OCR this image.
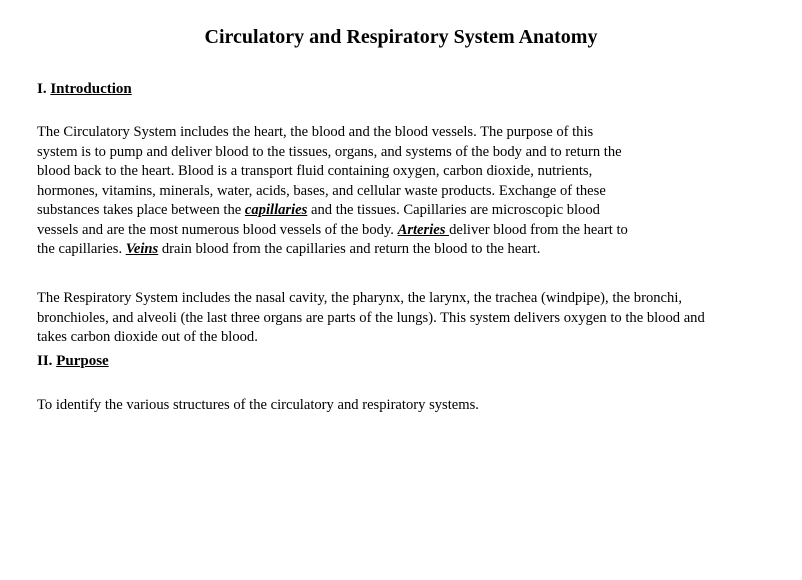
Circulatory and Respiratory System Anatomy
I. Introduction

The Circulatory System includes the heart, the blood and the blood vessels. The purpose of this
system is to pump and deliver blood to the tissues, organs, and systems of the body and to return the
blood back to the heart. Blood is a transport fluid containing oxygen, carbon dioxide, nutrients,
hormones, vitamins, minerals, water, acids, bases, and cellular waste products. Exchange of these
substances takes place between the capillaries and the tissues. Capillaries are microscopic blood
vessels and are the most numerous blood vessels of the body. Arteries deliver blood from the heart to
the capillaries. Veins drain blood from the capillaries and return the blood to the heart.

The Respiratory System includes the nasal cavity, the pharynx, the larynx, the trachea (windpipe), the bronchi,
bronchioles, and alveoli (the last three organs are parts of the lungs). This system delivers oxygen to the blood and
takes carbon dioxide out of the blood.

II. Purpose

To identify the various structures of the circulatory and respiratory systems.
